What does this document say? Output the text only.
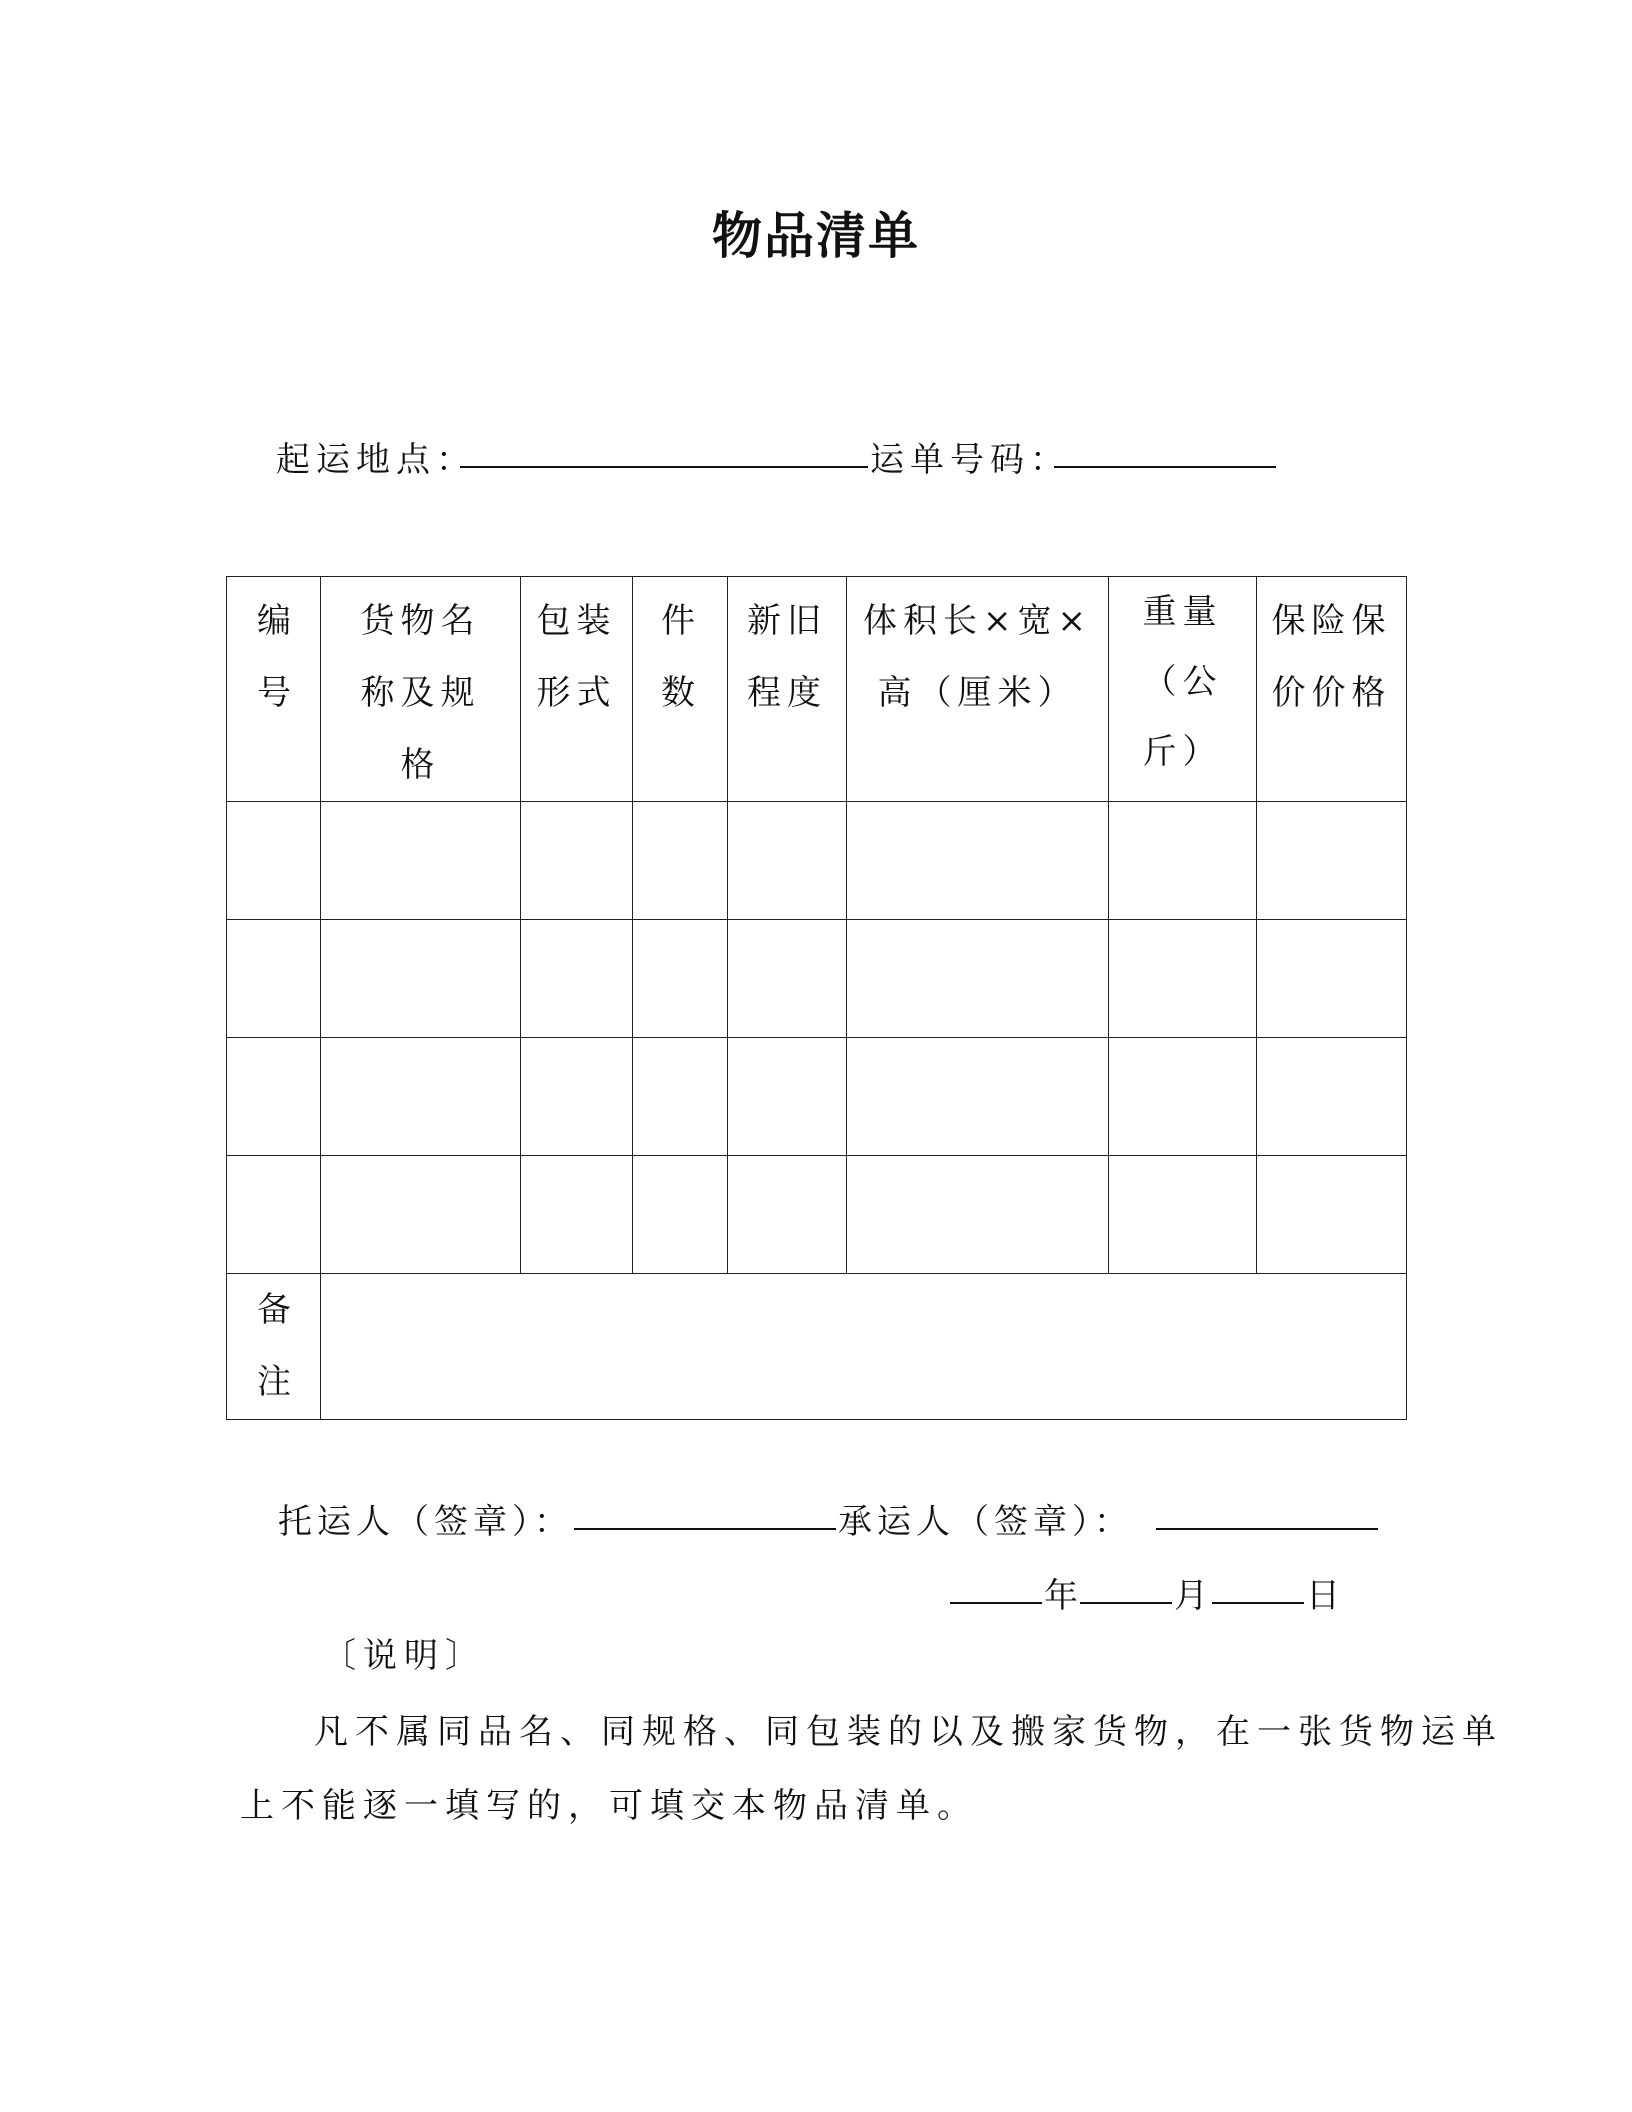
物品清单
起运地点：	运单号码：
编号	货物名称及规格	包装形式	件数	新旧程度	体积长×宽×高（厘米）	重量（公斤）	保险保价价格

备注							

托运人（签章）：	承运人（签章）：
年	月	日
〔说明〕
凡不属同品名、同规格、同包装的以及搬家货物，在一张货物运单
上不能逐一填写的，可填交本物品清单。
